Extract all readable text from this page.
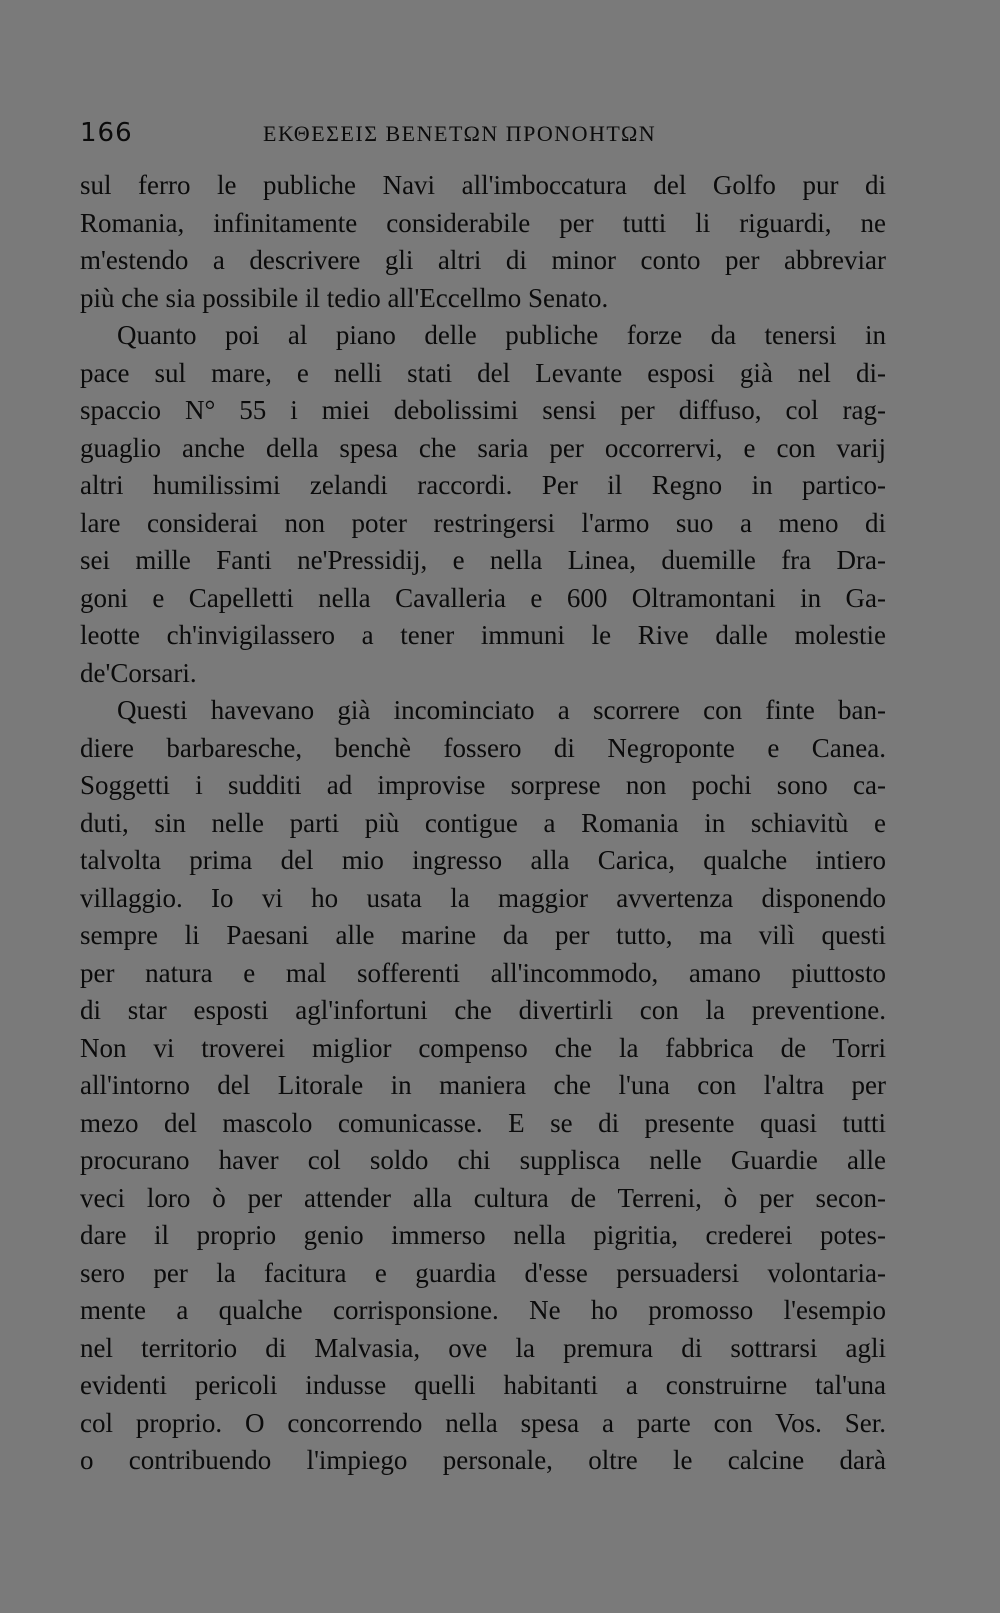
166	ΕΚΘΕΣΕΙΣ ΒΕΝΕΤΩΝ ΠΡΟΝΟΗΤΩΝ
sul ferro le publiche Navi all'imboccatura del Golfo pur di
Romania, infinitamente considerabile per tutti li riguardi, ne
m'estendo a descrivere gli altri di minor conto per abbreviar
più che sia possibile il tedio all'Eccellmo Senato.
Quanto poi al piano delle publiche forze da tenersi in
pace sul mare, e nelli stati del Levante esposi già nel di-
spaccio N° 55 i miei debolissimi sensi per diffuso, col rag-
guaglio anche della spesa che saria per occorrervi, e con varij
altri humilissimi zelandi raccordi. Per il Regno in partico-
lare considerai non poter restringersi l'armo suo a meno di
sei mille Fanti ne'Pressidij, e nella Linea, duemille fra Dra-
goni e Capelletti nella Cavalleria e 600 Oltramontani in Ga-
leotte ch'invigilassero a tener immuni le Rive dalle molestie
de'Corsari.
Questi havevano già incominciato a scorrere con finte ban-
diere barbaresche, benchè fossero di Negroponte e Canea.
Soggetti i sudditi ad improvise sorprese non pochi sono ca-
duti, sin nelle parti più contigue a Romania in schiavitù e
talvolta prima del mio ingresso alla Carica, qualche intiero
villaggio. Io vi ho usata la maggior avvertenza disponendo
sempre li Paesani alle marine da per tutto, ma vilì questi
per natura e mal sofferenti all'incommodo, amano piuttosto
di star esposti agl'infortuni che divertirli con la preventione.
Non vi troverei miglior compenso che la fabbrica de Torri
all'intorno del Litorale in maniera che l'una con l'altra per
mezo del mascolo comunicasse. E se di presente quasi tutti
procurano haver col soldo chi supplisca nelle Guardie alle
veci loro ò per attender alla cultura de Terreni, ò per secon-
dare il proprio genio immerso nella pigritia, crederei potes-
sero per la facitura e guardia d'esse persuadersi volontaria-
mente a qualche corrisponsione. Ne ho promosso l'esempio
nel territorio di Malvasia, ove la premura di sottrarsi agli
evidenti pericoli indusse quelli habitanti a construirne tal'una
col proprio. O concorrendo nella spesa a parte con Vos. Ser.
o contribuendo l'impiego personale, oltre le calcine darà
